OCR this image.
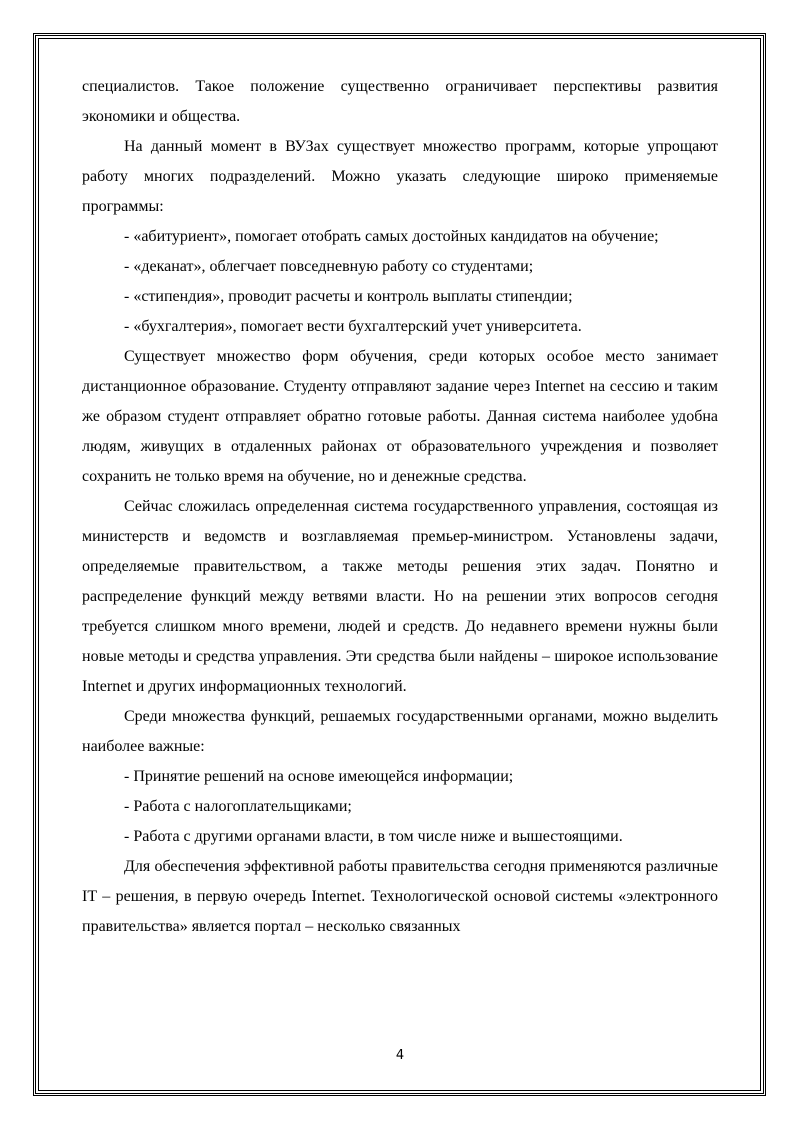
специалистов. Такое положение существенно ограничивает перспективы развития экономики и общества.

На данный момент в ВУЗах существует множество программ, которые упрощают работу многих подразделений. Можно указать следующие широко применяемые программы:

- «абитуриент», помогает отобрать самых достойных кандидатов на обучение;

- «деканат», облегчает повседневную работу со студентами;

- «стипендия», проводит расчеты и контроль выплаты стипендии;

- «бухгалтерия», помогает вести бухгалтерский учет университета.

Существует множество форм обучения, среди которых особое место занимает дистанционное образование. Студенту отправляют задание через Internet на сессию и таким же образом студент отправляет обратно готовые работы. Данная система наиболее удобна людям, живущих в отдаленных районах от образовательного учреждения и позволяет сохранить не только время на обучение, но и денежные средства.

Сейчас сложилась определенная система государственного управления, состоящая из министерств и ведомств и возглавляемая премьер-министром. Установлены задачи, определяемые правительством, а также методы решения этих задач. Понятно и распределение функций между ветвями власти. Но на решении этих вопросов сегодня требуется слишком много времени, людей и средств. До недавнего времени нужны были новые методы и средства управления. Эти средства были найдены – широкое использование Internet и других информационных технологий.

Среди множества функций, решаемых государственными органами, можно выделить наиболее важные:

- Принятие решений на основе имеющейся информации;

- Работа с налогоплательщиками;

- Работа с другими органами власти, в том числе ниже и вышестоящими.

Для обеспечения эффективной работы правительства сегодня применяются различные IT – решения, в первую очередь Internet. Технологической основой системы «электронного правительства» является портал – несколько связанных

4
